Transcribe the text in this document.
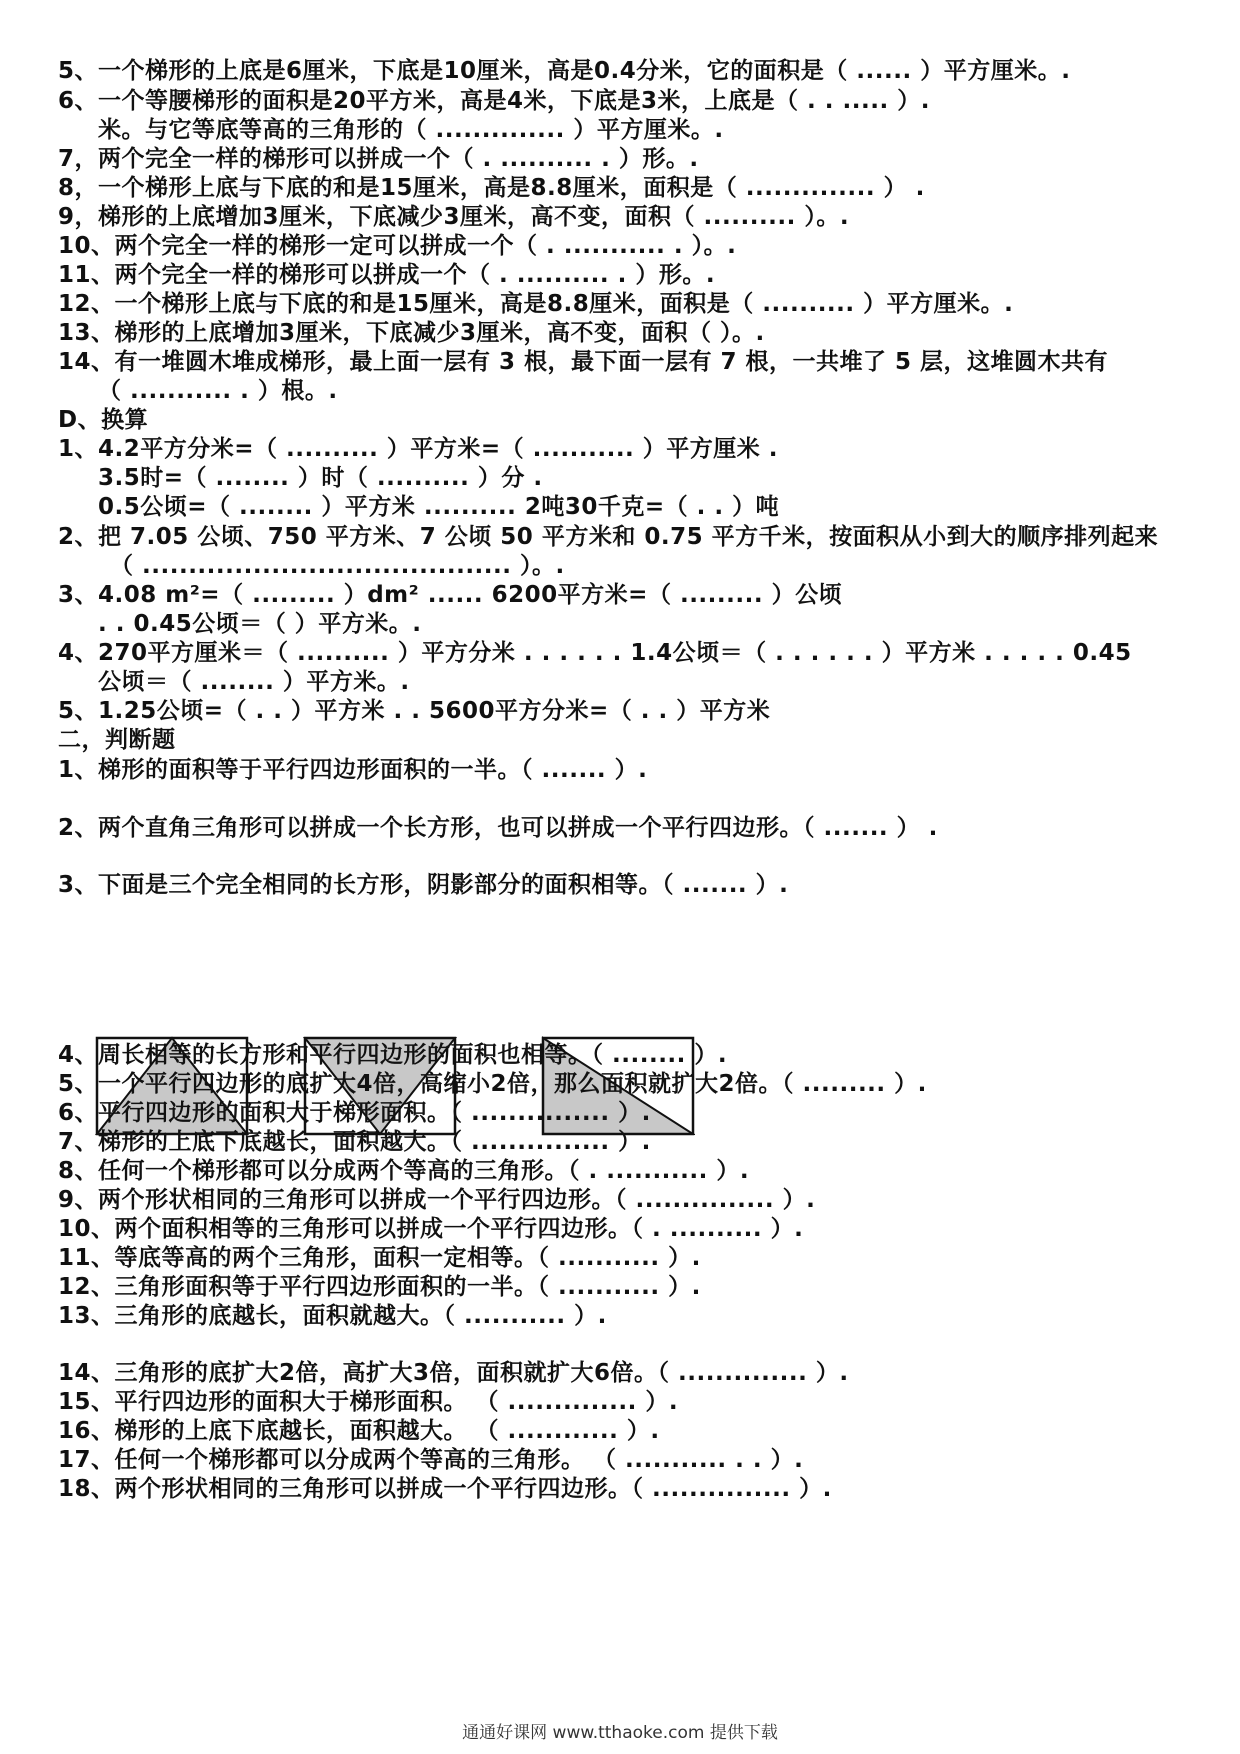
5、一个梯形的上底是6厘米，下底是10厘米，高是0.4分米，它的面积是（ ...... ）平方厘米。.
6、一个等腰梯形的面积是20平方米，高是4米，下底是3米，上底是（ . . ..... ）.
米。与它等底等高的三角形的（ .............. ）平方厘米。.
7，两个完全一样的梯形可以拼成一个（ . .......... . ）形。.
8，一个梯形上底与下底的和是15厘米，高是8.8厘米，面积是（ .............. ） .
9，梯形的上底增加3厘米，下底减少3厘米，高不变，面积（ .......... ）。.
10、两个完全一样的梯形一定可以拼成一个（ . ........... . ）。.
11、两个完全一样的梯形可以拼成一个（ . .......... . ）形。.
12、一个梯形上底与下底的和是15厘米，高是8.8厘米，面积是（ .......... ）平方厘米。.
13、梯形的上底增加3厘米，下底减少3厘米，高不变，面积（ ）。.
14、有一堆圆木堆成梯形，最上面一层有 3 根，最下面一层有 7 根，一共堆了 5 层，这堆圆木共有
（ ........... . ）根。.
D、换算
1、4.2平方分米=（ .......... ）平方米=（ ........... ）平方厘米 .
3.5时=（ ........ ）时（ .......... ）分 .
0.5公顷=（ ........ ）平方米 .......... 2吨30千克=（ . . ）吨
2、把 7.05 公顷、750 平方米、7 公顷 50 平方米和 0.75 平方千米，按面积从小到大的顺序排列起来
（ ........................................ ）。.
3、4.08 m²=（ ......... ）dm² ...... 6200平方米=（ ......... ）公顷
. . 0.45公顷＝（ ）平方米。.
4、270平方厘米＝（ .......... ）平方分米 . . . . . . 1.4公顷＝（ . . . . . . ）平方米 . . . . . 0.45
公顷＝（ ........ ）平方米。.
5、1.25公顷=（ . . ）平方米 . . 5600平方分米=（ . . ）平方米
二，判断题
1、梯形的面积等于平行四边形面积的一半。（ ....... ）.
2、两个直角三角形可以拼成一个长方形，也可以拼成一个平行四边形。（ ....... ） .
3、下面是三个完全相同的长方形，阴影部分的面积相等。（ ....... ）.
4、周长相等的长方形和平行四边形的面积也相等。（ ........ ）.
5、一个平行四边形的底扩大4倍，高缩小2倍，那么面积就扩大2倍。（ ......... ）.
6、平行四边形的面积大于梯形面积。（ ............... ）.
7、梯形的上底下底越长，面积越大。（ ............... ）.
8、任何一个梯形都可以分成两个等高的三角形。（ . ........... ）.
9、两个形状相同的三角形可以拼成一个平行四边形。（ ............... ）.
10、两个面积相等的三角形可以拼成一个平行四边形。（ . .......... ）.
11、等底等高的两个三角形，面积一定相等。（ ........... ）.
12、三角形面积等于平行四边形面积的一半。（ ........... ）.
13、三角形的底越长，面积就越大。（ ........... ）.
14、三角形的底扩大2倍，高扩大3倍，面积就扩大6倍。（ .............. ）.
15、平行四边形的面积大于梯形面积。 （ .............. ）.
16、梯形的上底下底越长，面积越大。 （ ............ ）.
17、任何一个梯形都可以分成两个等高的三角形。 （ ........... . . ）.
18、两个形状相同的三角形可以拼成一个平行四边形。（ ............... ）.
通通好课网 www.tthaoke.com 提供下载
